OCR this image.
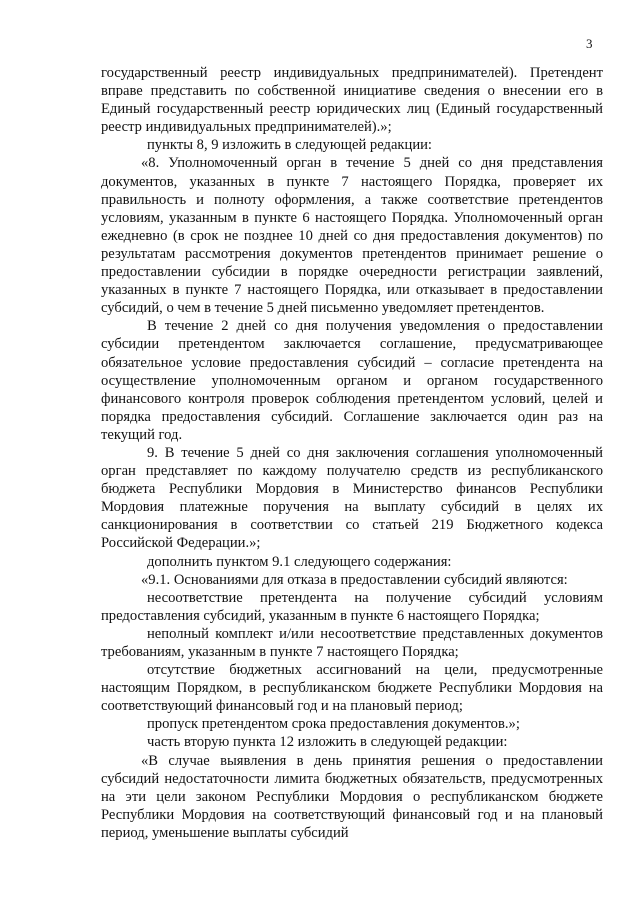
3

государственный реестр индивидуальных предпринимателей). Претендент вправе представить по собственной инициативе сведения о внесении его в Единый государственный реестр юридических лиц (Единый государственный реестр индивидуальных предпринимателей).»;

пункты 8, 9 изложить в следующей редакции:

«8. Уполномоченный орган в течение 5 дней со дня представления документов, указанных в пункте 7 настоящего Порядка, проверяет их правильность и полноту оформления, а также соответствие претендентов условиям, указанным в пункте 6 настоящего Порядка. Уполномоченный орган ежедневно (в срок не позднее 10 дней со дня предоставления документов) по результатам рассмотрения документов претендентов принимает решение о предоставлении субсидии в порядке очередности регистрации заявлений, указанных в пункте 7 настоящего Порядка, или отказывает в предоставлении субсидий, о чем в течение 5 дней письменно уведомляет претендентов.

В течение 2 дней со дня получения уведомления о предоставлении субсидии претендентом заключается соглашение, предусматривающее обязательное условие предоставления субсидий – согласие претендента на осуществление уполномоченным органом и органом государственного финансового контроля проверок соблюдения претендентом условий, целей и порядка предоставления субсидий. Соглашение заключается один раз на текущий год.

9. В течение 5 дней со дня заключения соглашения уполномоченный орган представляет по каждому получателю средств из республиканского бюджета Республики Мордовия в Министерство финансов Республики Мордовия платежные поручения на выплату субсидий в целях их санкционирования в соответствии со статьей 219 Бюджетного кодекса Российской Федерации.»;

дополнить пунктом 9.1 следующего содержания:

«9.1. Основаниями для отказа в предоставлении субсидий являются:

несоответствие претендента на получение субсидий условиям предоставления субсидий, указанным в пункте 6 настоящего Порядка;

неполный комплект и/или несоответствие представленных документов требованиям, указанным в пункте 7 настоящего Порядка;

отсутствие бюджетных ассигнований на цели, предусмотренные настоящим Порядком, в республиканском бюджете Республики Мордовия на соответствующий финансовый год и на плановый период;

пропуск претендентом срока предоставления документов.»;

часть вторую пункта 12 изложить в следующей редакции:

«В случае выявления в день принятия решения о предоставлении субсидий недостаточности лимита бюджетных обязательств, предусмотренных на эти цели законом Республики Мордовия о республиканском бюджете Республики Мордовия на соответствующий финансовый год и на плановый период, уменьшение выплаты субсидий
